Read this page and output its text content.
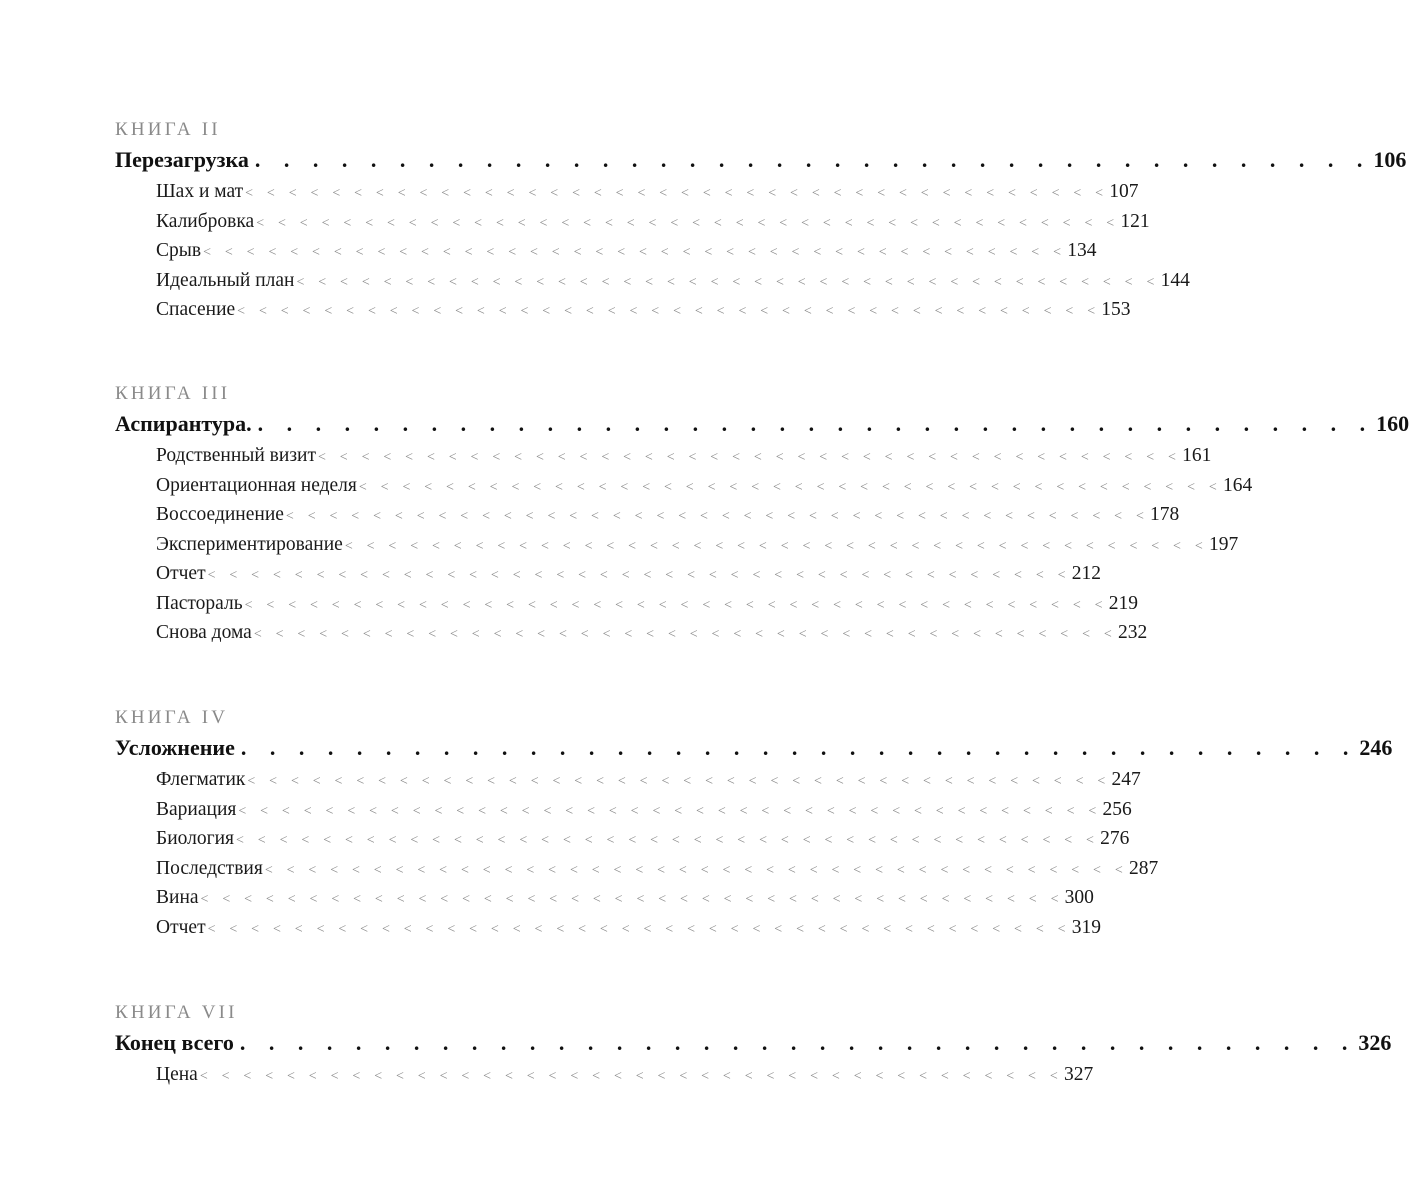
КНИГА II
Перезагрузка . . . . . . . . . . . . . . . . . . . . . . . . . . . . . . . . . . . . . . . 106
Шах и мат > > > > > > > > > > > > > > > > > > > > > > > > > > > > > > > > > > > > > > > > 107
Калибровка > > > > > > > > > > > > > > > > > > > > > > > > > > > > > > > > > > > > > > > > 121
Срыв > > > > > > > > > > > > > > > > > > > > > > > > > > > > > > > > > > > > > > > > 134
Идеальный план > > > > > > > > > > > > > > > > > > > > > > > > > > > > > > > > > > > > > > > > 144
Спасение > > > > > > > > > > > > > > > > > > > > > > > > > > > > > > > > > > > > > > > > 153
КНИГА III
Аспирантура. . . . . . . . . . . . . . . . . . . . . . . . . . . . . . . . . . . . . . . . 160
Родственный визит > > > > > > > > > > > > > > > > > > > > > > > > > > > > > > > > > > > > > > > > 161
Ориентационная неделя > > > > > > > > > > > > > > > > > > > > > > > > > > > > > > > > > > > > > > > > 164
Воссоединение > > > > > > > > > > > > > > > > > > > > > > > > > > > > > > > > > > > > > > > > 178
Экспериментирование > > > > > > > > > > > > > > > > > > > > > > > > > > > > > > > > > > > > > > > > 197
Отчет > > > > > > > > > > > > > > > > > > > > > > > > > > > > > > > > > > > > > > > > 212
Пастораль > > > > > > > > > > > > > > > > > > > > > > > > > > > > > > > > > > > > > > > > 219
Снова дома > > > > > > > > > > > > > > > > > > > > > > > > > > > > > > > > > > > > > > > > 232
КНИГА IV
Усложнение . . . . . . . . . . . . . . . . . . . . . . . . . . . . . . . . . . . . . . . 246
Флегматик > > > > > > > > > > > > > > > > > > > > > > > > > > > > > > > > > > > > > > > > 247
Вариация > > > > > > > > > > > > > > > > > > > > > > > > > > > > > > > > > > > > > > > > 256
Биология > > > > > > > > > > > > > > > > > > > > > > > > > > > > > > > > > > > > > > > > 276
Последствия > > > > > > > > > > > > > > > > > > > > > > > > > > > > > > > > > > > > > > > > 287
Вина > > > > > > > > > > > > > > > > > > > > > > > > > > > > > > > > > > > > > > > > 300
Отчет > > > > > > > > > > > > > > > > > > > > > > > > > > > > > > > > > > > > > > > > 319
КНИГА VII
Конец всего . . . . . . . . . . . . . . . . . . . . . . . . . . . . . . . . . . . . . . . 326
Цена > > > > > > > > > > > > > > > > > > > > > > > > > > > > > > > > > > > > > > > > 327
